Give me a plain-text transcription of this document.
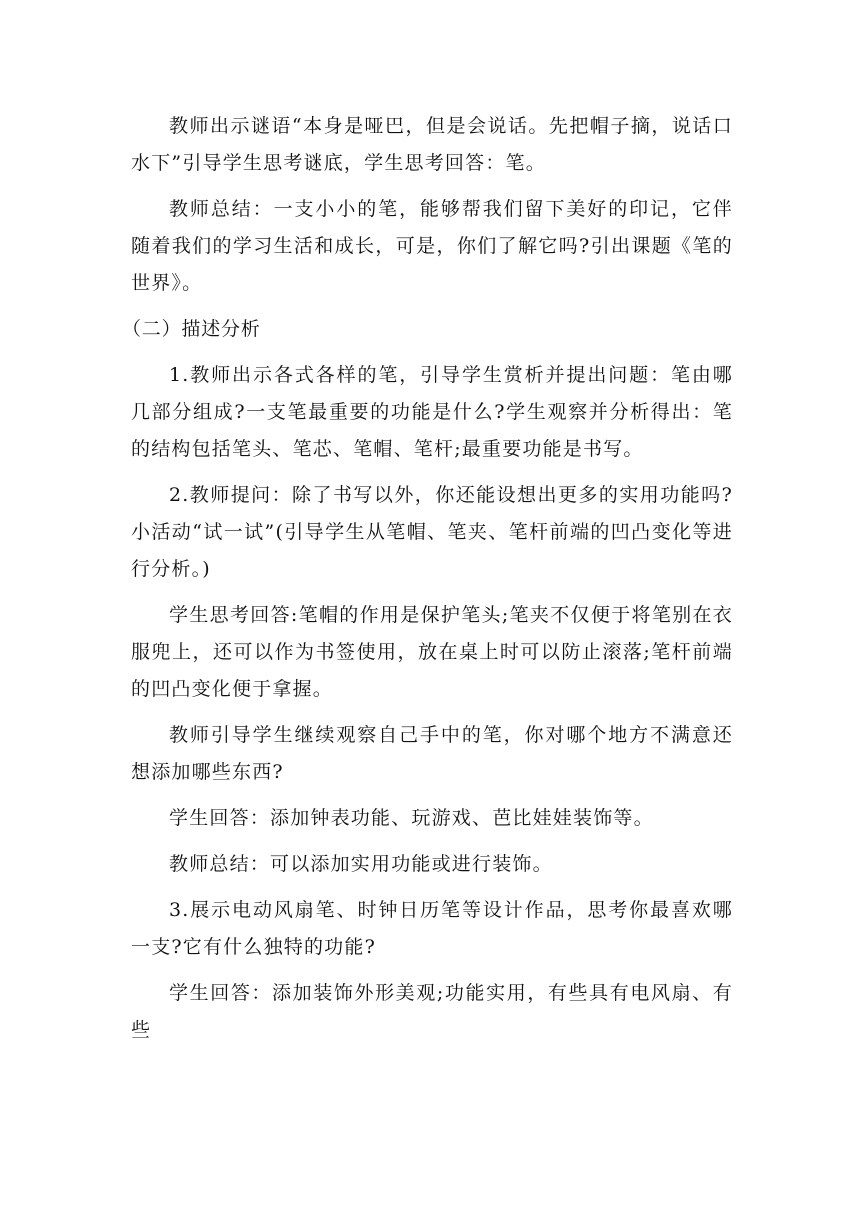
教师出示谜语“本身是哑巴，但是会说话。先把帽子摘，说话口水下”引导学生思考谜底，学生思考回答：笔。

教师总结：一支小小的笔，能够帮我们留下美好的印记，它伴随着我们的学习生活和成长，可是，你们了解它吗?引出课题《笔的世界》。

（二）描述分析

1.教师出示各式各样的笔，引导学生赏析并提出问题：笔由哪几部分组成?一支笔最重要的功能是什么?学生观察并分析得出：笔的结构包括笔头、笔芯、笔帽、笔杆;最重要功能是书写。

2.教师提问：除了书写以外，你还能设想出更多的实用功能吗?小活动“试一试”(引导学生从笔帽、笔夹、笔杆前端的凹凸变化等进行分析。)

学生思考回答:笔帽的作用是保护笔头;笔夹不仅便于将笔别在衣服兜上，还可以作为书签使用，放在桌上时可以防止滚落;笔杆前端的凹凸变化便于拿握。

教师引导学生继续观察自己手中的笔，你对哪个地方不满意还想添加哪些东西?

学生回答：添加钟表功能、玩游戏、芭比娃娃装饰等。

教师总结：可以添加实用功能或进行装饰。

3.展示电动风扇笔、时钟日历笔等设计作品，思考你最喜欢哪一支?它有什么独特的功能?

学生回答：添加装饰外形美观;功能实用，有些具有电风扇、有些
